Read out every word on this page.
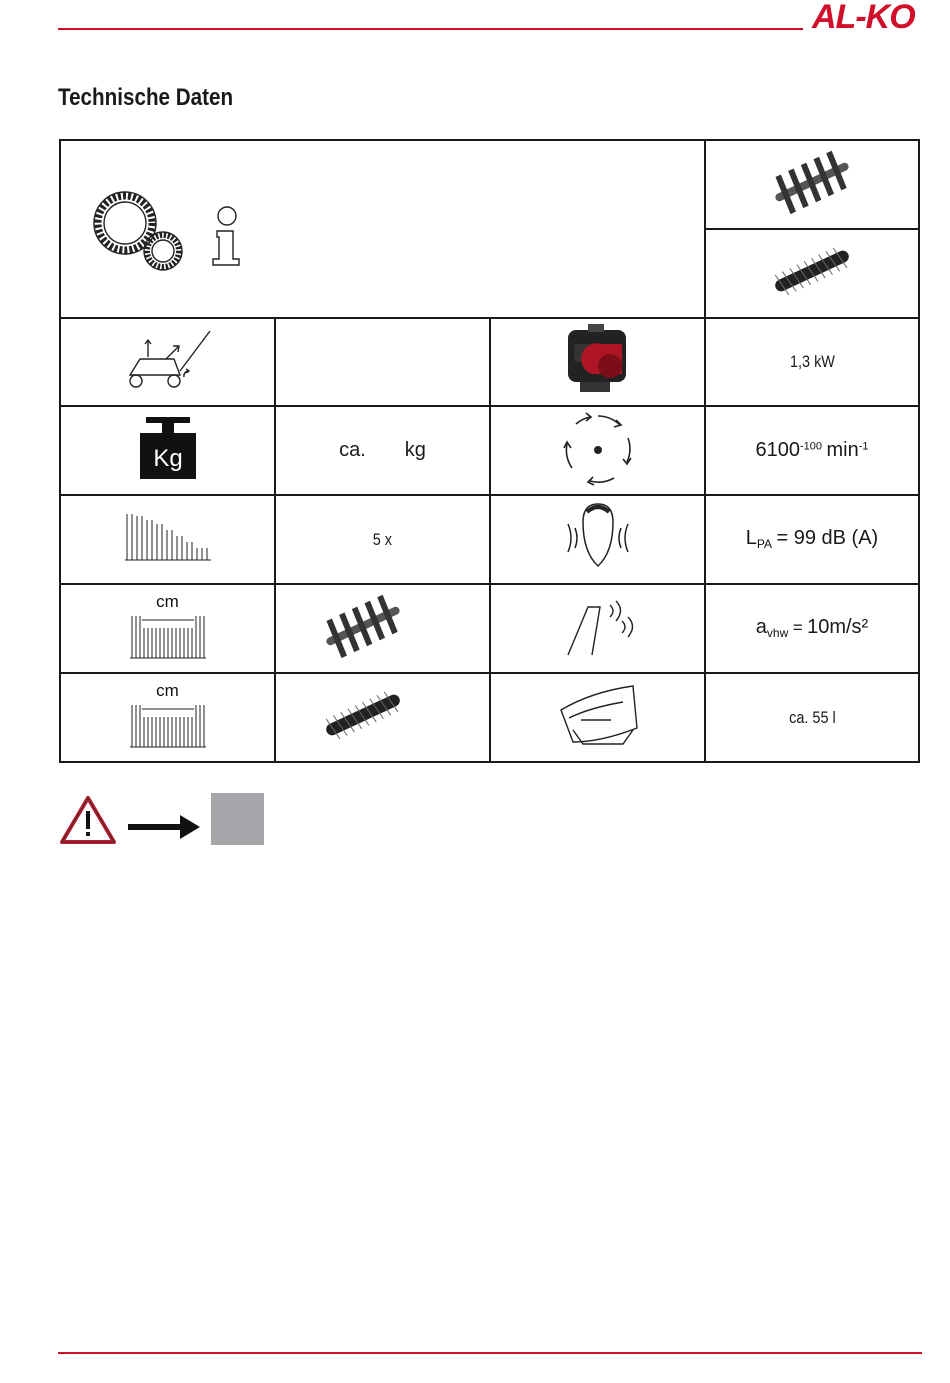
AL-KO
Technische Daten

			1,3 kW

Kg	ca. kg		$6100^{-100}$ $\min^{-1}$
	5 x		$L_{PA} = 99$ dB (A)

cm			$a_{vhw} = 10m/s^2$

cm			ca. 55 l
